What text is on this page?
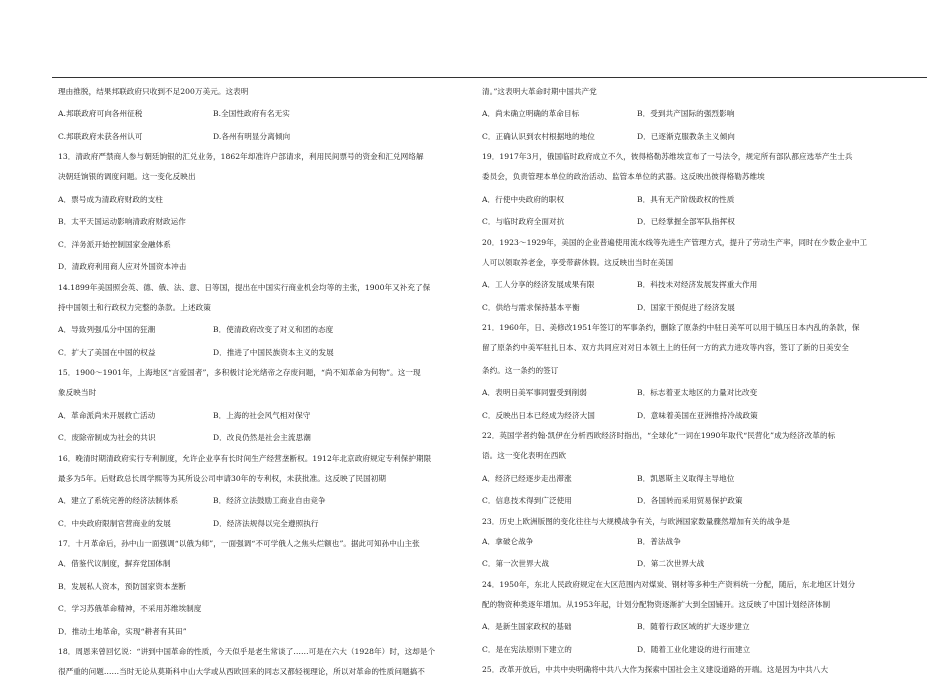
理由推脱，结果邦联政府只收到不足200万美元。这表明
A.邦联政府可向各州征税	B.全国性政府有名无实
C.邦联政府未获各州认可	D.各州有明显分离倾向
13．清政府严禁商人参与朝廷饷银的汇兑业务，1862年却准许户部请求，利用民间票号的资金和汇兑网络解
决朝廷饷银的调度问题。这一变化反映出
A．票号成为清政府财政的支柱
B．太平天国运动影响清政府财政运作
C．洋务派开始控制国家金融体系
D．清政府利用商人应对外国资本冲击
14.1899年美国照会英、德、俄、法、意、日等国，提出在中国实行商业机会均等的主张，1900年又补充了保
持中国领土和行政权力完整的条款。上述政策
A．导致列强瓜分中国的狂潮	B．使清政府改变了对义和团的态度
C．扩大了美国在中国的权益	D．推进了中国民族资本主义的发展
15．1900～1901年，上海地区“言爱国者”，多积极讨论光绪帝之存废问题，“尚不知革命为何物”。这一现
象反映当时
A．革命派尚未开展救亡活动	B．上海的社会风气相对保守
C．废除帝制成为社会的共识	D．改良仍然是社会主流思潮
16．晚清时期清政府实行专利制度，允许企业享有长时间生产经营垄断权。1912年北京政府规定专利保护期限
最多为5年。后财政总长周学熙等为其所设公司申请30年的专利权，未获批准。这反映了民国初期
A．建立了系统完善的经济法制体系	B．经济立法鼓励工商业自由竞争
C．中央政府限制官营商业的发展	D．经济法规得以完全遵照执行
17．十月革命后，孙中山一面强调“以俄为师”，一面强调“不可学俄人之焦头烂额也”。据此可知孙中山主张
A．借鉴代议制度，摒弃党国体制
B．发展私人资本，预防国家资本垄断
C．学习苏俄革命精神，不采用苏维埃制度
D．推动土地革命，实现“耕者有其田”
18．周恩来曾回忆说：“讲到中国革命的性质，今天似乎是老生常谈了……可是在六大（1928年）时，这却是个
很严重的问题……当时无论从莫斯科中山大学或从西欧回来的同志又都轻视理论，所以对革命的性质问题搞不
清。”这表明大革命时期中国共产党
A．尚未确立明确的革命目标	B．受到共产国际的强烈影响
C．正确认识到农村根据地的地位	D．已逐渐克服教条主义倾向
19．1917年3月，俄国临时政府成立不久，彼得格勒苏维埃宣布了一号法令，规定所有部队都应选举产生士兵
委员会，负责管理本单位的政治活动、监管本单位的武器。这反映出彼得格勒苏维埃
A．行使中央政府的职权	B．具有无产阶级政权的性质
C．与临时政府全面对抗	D．已经掌握全部军队指挥权
20．1923～1929年，美国的企业普遍使用流水线等先进生产管理方式，提升了劳动生产率，同时在少数企业中工
人可以领取养老金，享受带薪休假。这反映出当时在美国
A．工人分享的经济发展成果有限	B．科技未对经济发展发挥重大作用
C．供给与需求保持基本平衡	D．国家干预促进了经济发展
21．1960年，日、美修改1951年签订的军事条约，删除了原条约中驻日美军可以用于镇压日本内乱的条款，保
留了原条约中美军驻扎日本、双方共同应对对日本领土上的任何一方的武力进攻等内容，签订了新的日美安全
条约。这一条约的签订
A．表明日美军事同盟受到削弱	B．标志着亚太地区的力量对比改变
C．反映出日本已经成为经济大国	D．意味着美国在亚洲推持冷战政策
22．英国学者约翰·凯伊在分析西欧经济时指出，“全球化”一词在1990年取代“民营化”成为经济改革的标
语。这一变化表明在西欧
A．经济已经逐步走出滞涨	B．凯恩斯主义取得主导地位
C．信息技术得到广泛使用	D．各国转而采用贸易保护政策
23．历史上欧洲版图的变化往往与大规模战争有关，与欧洲国家数量骤然增加有关的战争是
A．拿破仑战争	B．普法战争
C．第一次世界大战	D．第二次世界大战
24．1950年，东北人民政府规定在大区范围内对煤炭、钢材等多种生产资料统一分配，随后，东北地区计划分
配的物资种类逐年增加。从1953年起，计划分配物资逐渐扩大到全国铺开。这反映了中国计划经济体制
A．是新生国家政权的基础	B．随着行政区域的扩大逐步建立
C．是在宪法原则下建立的	D．随着工业化建设的进行而建立
25．改革开放后，中共中央明确将中共八大作为探索中国社会主义建设道路的开端。这是因为中共八大
